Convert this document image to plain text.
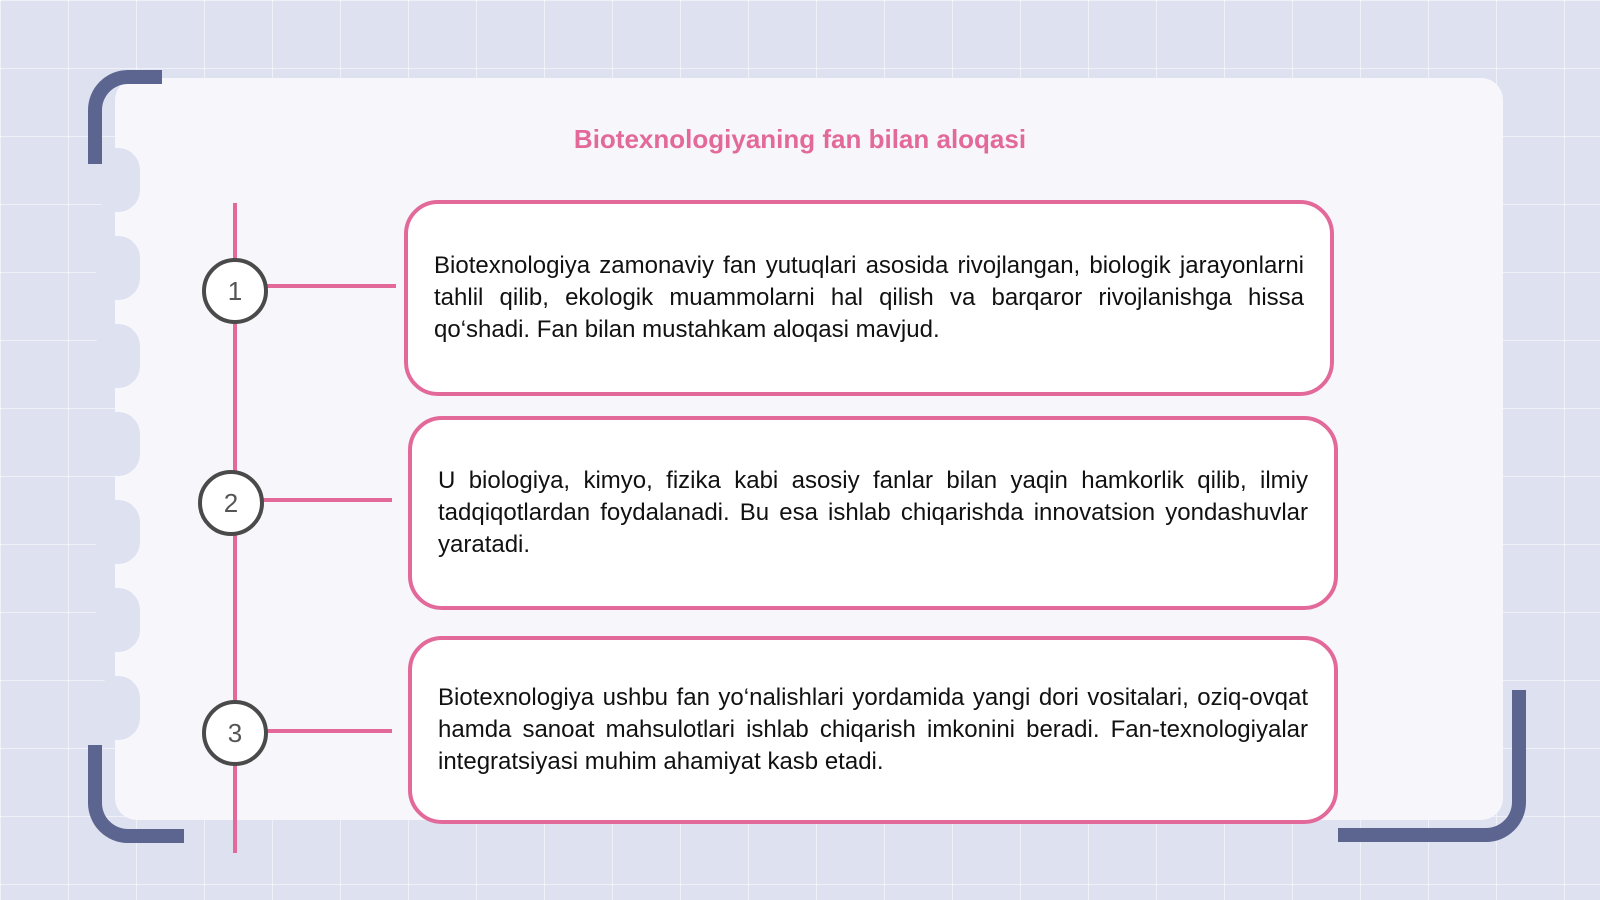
Biotexnologiyaning fan bilan aloqasi
1
2
3

Biotexnologiya zamonaviy fan yutuqlari asosida rivojlangan, biologik jarayonlarni tahlil qilib, ekologik muammolarni hal qilish va barqaror rivojlanishga hissa qo‘shadi. Fan bilan mustahkam aloqasi mavjud.

U biologiya, kimyo, fizika kabi asosiy fanlar bilan yaqin hamkorlik qilib, ilmiy tadqiqotlardan foydalanadi. Bu esa ishlab chiqarishda innovatsion yondashuvlar yaratadi.

Biotexnologiya ushbu fan yo‘nalishlari yordamida yangi dori vositalari, oziq-ovqat hamda sanoat mahsulotlari ishlab chiqarish imkonini beradi. Fan-texnologiyalar integratsiyasi muhim ahamiyat kasb etadi.
